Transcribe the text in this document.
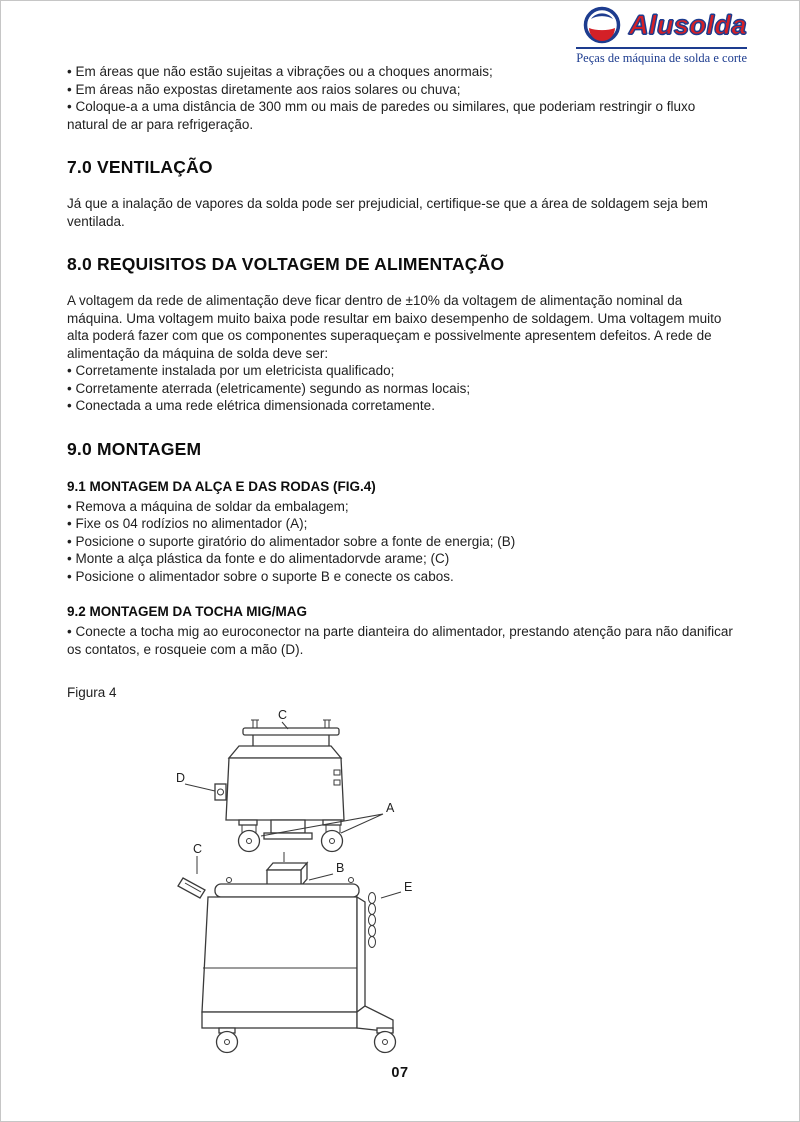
Alusolda
Peças de máquina de solda e corte
• Em áreas que não estão sujeitas a vibrações ou a choques anormais;
• Em áreas não expostas diretamente aos raios solares ou chuva;
• Coloque-a a uma distância de 300 mm ou mais de paredes ou similares, que poderiam restringir o fluxo natural de ar para refrigeração.
7.0 VENTILAÇÃO

Já que a inalação de vapores da solda pode ser prejudicial, certifique-se que a área de soldagem seja bem ventilada.

8.0 REQUISITOS DA VOLTAGEM DE ALIMENTAÇÃO

A voltagem da rede de alimentação deve ficar dentro de ±10% da voltagem de alimentação nominal da máquina. Uma voltagem muito baixa pode resultar em baixo desempenho de soldagem. Uma voltagem muito alta poderá fazer com que os componentes superaqueçam e possivelmente apresentem defeitos. A rede de alimentação da máquina de solda deve ser:

• Corretamente instalada por um eletricista qualificado;
• Corretamente aterrada (eletricamente) segundo as normas locais;
• Conectada a uma rede elétrica dimensionada corretamente.
9.0 MONTAGEM
9.1 MONTAGEM DA ALÇA E DAS RODAS (FIG.4)
• Remova a máquina de soldar da embalagem;
• Fixe os 04 rodízios no alimentador (A);
• Posicione o suporte giratório do alimentador sobre a fonte de energia; (B)
• Monte a alça plástica da fonte e do alimentadorvde arame; (C)
• Posicione o alimentador sobre o suporte B e conecte os cabos.
9.2 MONTAGEM DA TOCHA MIG/MAG
• Conecte a tocha mig ao euroconector na parte dianteira do alimentador, prestando atenção para não danificar os contatos, e rosqueie com a mão (D).

Figura 4

C
D
A
C
B
E
07
